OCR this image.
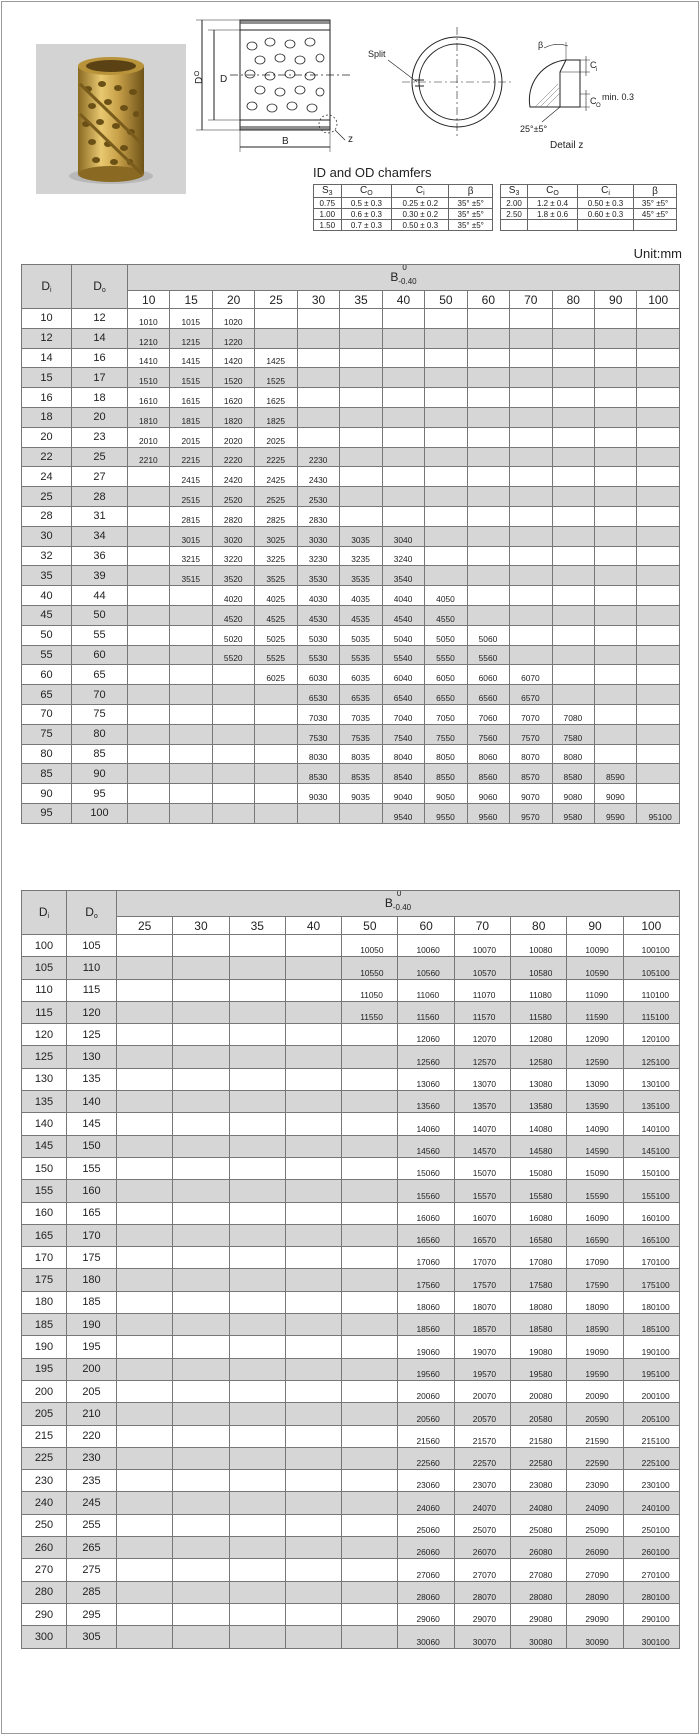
D
O D
B	z
Split
β
C i
C O
min. 0.3
25°±5°
Detail z
ID and OD chamfers
$S_3$	$C_O$	$C_i$	β
0.75	0.5 ± 0.3	0.25 ± 0.2	35° ±5°
1.00	0.6 ± 0.3	0.30 ± 0.2	35° ±5°
1.50	0.7 ± 0.3	0.50 ± 0.3	35° ±5°
$S_3$	$C_O$	$C_i$	β
2.00	1.2 ± 0.4	0.50 ± 0.3	35° ±5°
2.50	1.8 ± 0.6	0.60 ± 0.3	45° ±5°

Unit:mm
$D_i$	$D_o$	B
0
$_{-0.40}$
		10	15	20	25	30	35	40	50	60	70	80	90	100
10	12	1010	1015	1020										
12	14	1210	1215	1220										
14	16	1410	1415	1420	1425									
15	17	1510	1515	1520	1525									
16	18	1610	1615	1620	1625									
18	20	1810	1815	1820	1825									
20	23	2010	2015	2020	2025									
22	25	2210	2215	2220	2225	2230								
24	27		2415	2420	2425	2430								
25	28		2515	2520	2525	2530								
28	31		2815	2820	2825	2830								
30	34		3015	3020	3025	3030	3035	3040						
32	36		3215	3220	3225	3230	3235	3240						
35	39		3515	3520	3525	3530	3535	3540						
40	44			4020	4025	4030	4035	4040	4050					
45	50			4520	4525	4530	4535	4540	4550					
50	55			5020	5025	5030	5035	5040	5050	5060				
55	60			5520	5525	5530	5535	5540	5550	5560				
60	65				6025	6030	6035	6040	6050	6060	6070			
65	70					6530	6535	6540	6550	6560	6570			
70	75					7030	7035	7040	7050	7060	7070	7080		
75	80					7530	7535	7540	7550	7560	7570	7580		
80	85					8030	8035	8040	8050	8060	8070	8080		
85	90					8530	8535	8540	8550	8560	8570	8580	8590	
90	95					9030	9035	9040	9050	9060	9070	9080	9090	
95	100							9540	9550	9560	9570	9580	9590	95100
$D_i$	$D_o$	B
0
$_{-0.40}$
		25	30	35	40	50	60	70	80	90	100
100	105					10050	10060	10070	10080	10090	100100
105	110					10550	10560	10570	10580	10590	105100
110	115					11050	11060	11070	11080	11090	110100
115	120					11550	11560	11570	11580	11590	115100
120	125						12060	12070	12080	12090	120100
125	130						12560	12570	12580	12590	125100
130	135						13060	13070	13080	13090	130100
135	140						13560	13570	13580	13590	135100
140	145						14060	14070	14080	14090	140100
145	150						14560	14570	14580	14590	145100
150	155						15060	15070	15080	15090	150100
155	160						15560	15570	15580	15590	155100
160	165						16060	16070	16080	16090	160100
165	170						16560	16570	16580	16590	165100
170	175						17060	17070	17080	17090	170100
175	180						17560	17570	17580	17590	175100
180	185						18060	18070	18080	18090	180100
185	190						18560	18570	18580	18590	185100
190	195						19060	19070	19080	19090	190100
195	200						19560	19570	19580	19590	195100
200	205						20060	20070	20080	20090	200100
205	210						20560	20570	20580	20590	205100
215	220						21560	21570	21580	21590	215100
225	230						22560	22570	22580	22590	225100
230	235						23060	23070	23080	23090	230100
240	245						24060	24070	24080	24090	240100
250	255						25060	25070	25080	25090	250100
260	265						26060	26070	26080	26090	260100
270	275						27060	27070	27080	27090	270100
280	285						28060	28070	28080	28090	280100
290	295						29060	29070	29080	29090	290100
300	305						30060	30070	30080	30090	300100
